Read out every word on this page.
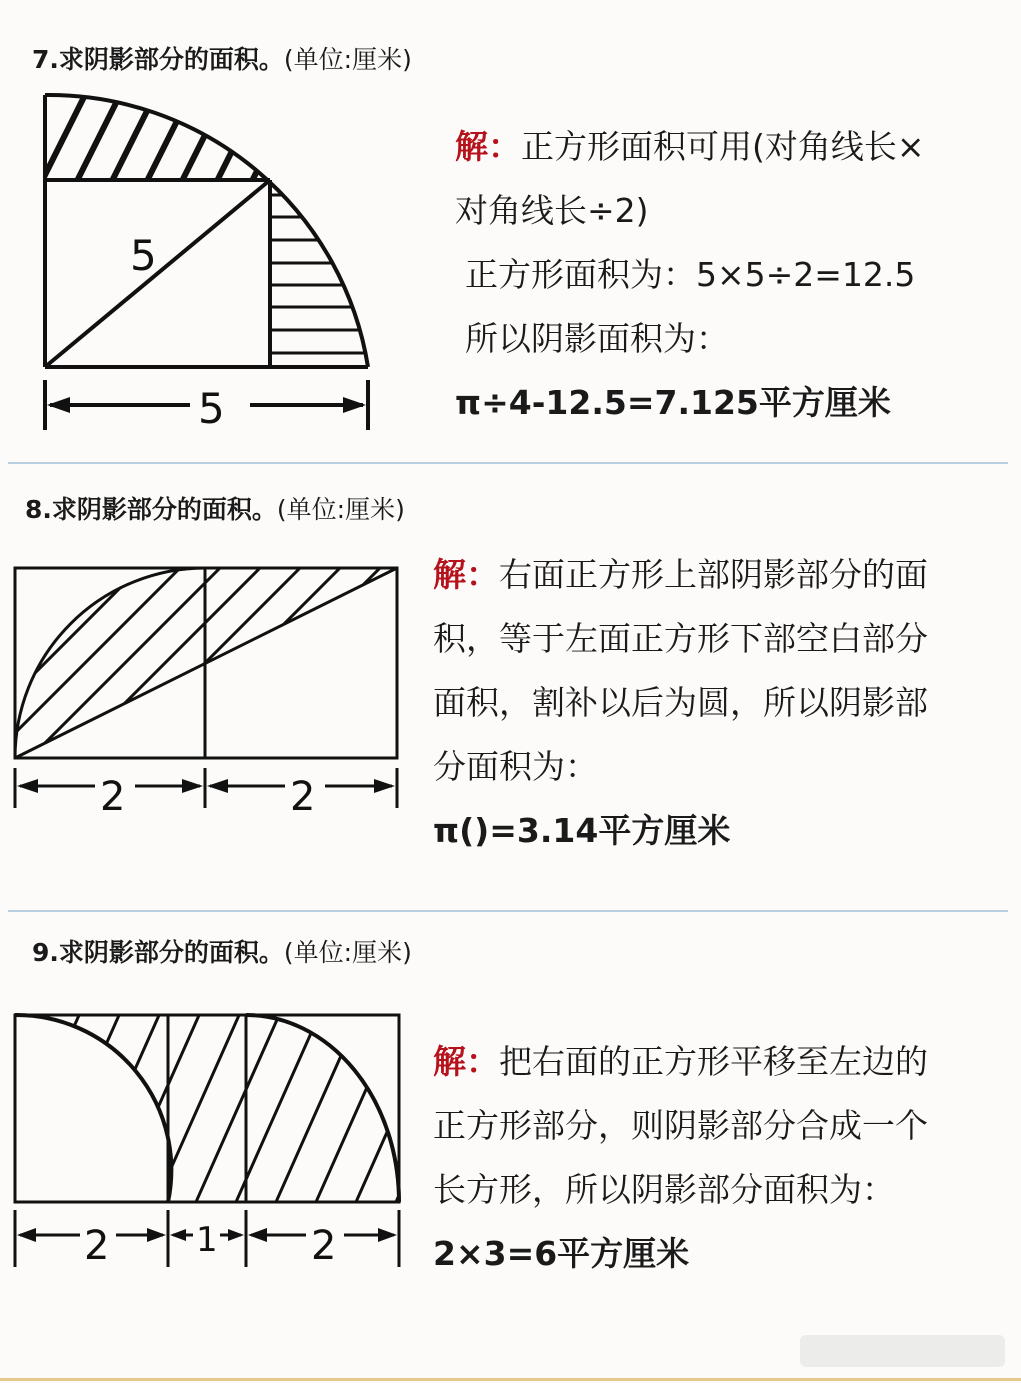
7.求阴影部分的面积。(单位:厘米)
5
5
解：正方形面积可用(对角线长×
对角线长÷2)
正方形面积为：5×5÷2=12.5
所以阴影面积为：
π÷4-12.5=7.125平方厘米
8.求阴影部分的面积。(单位:厘米)
2	2
解：右面正方形上部阴影部分的面
积，等于左面正方形下部空白部分
面积，割补以后为圆，所以阴影部
分面积为：
π()=3.14平方厘米
9.求阴影部分的面积。(单位:厘米)
2	1 2
解：把右面的正方形平移至左边的
正方形部分，则阴影部分合成一个
长方形，所以阴影部分面积为：
2×3=6平方厘米
